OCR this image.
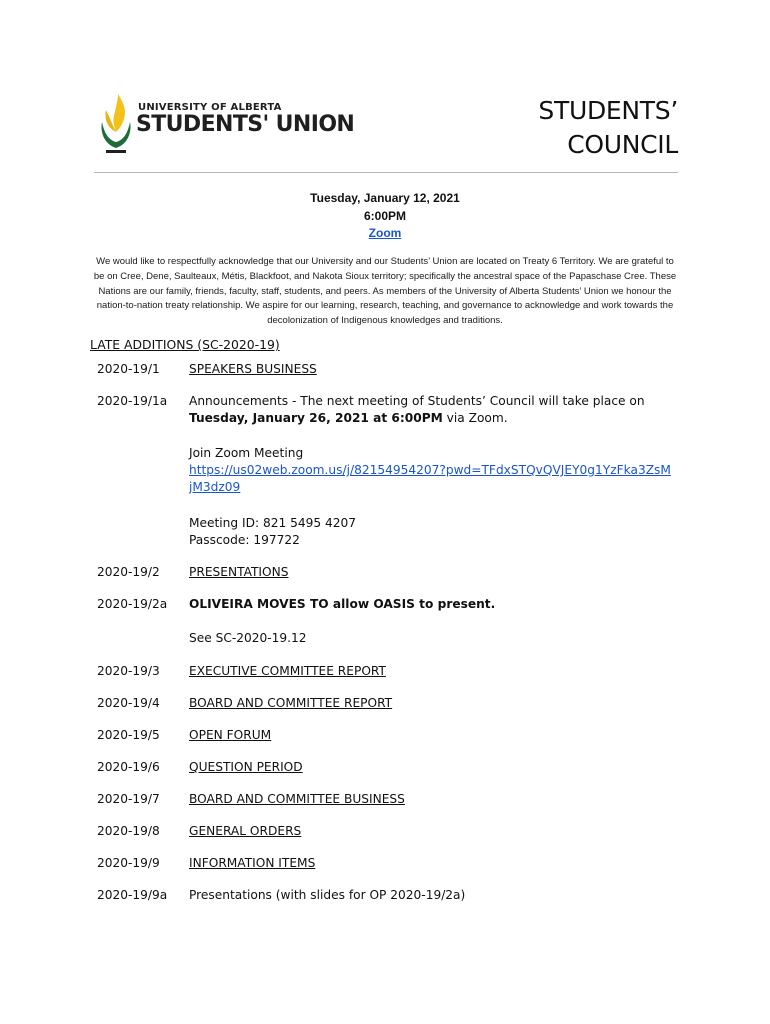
UNIVERSITY OF ALBERTA
STUDENTS' UNION	STUDENTS’
COUNCIL
Tuesday, January 12, 2021
6:00PM
Zoom
We would like to respectfully acknowledge that our University and our Students’ Union are located on Treaty 6 Territory. We are grateful to be on Cree, Dene, Saulteaux, Métis, Blackfoot, and Nakota Sioux territory; specifically the ancestral space of the Papaschase Cree. These Nations are our family, friends, faculty, staff, students, and peers. As members of the University of Alberta Students’ Union we honour the nation-to-nation treaty relationship. We aspire for our learning, research, teaching, and governance to acknowledge and work towards the decolonization of Indigenous knowledges and traditions.
LATE ADDITIONS (SC-2020-19)
2020-19/1 SPEAKERS BUSINESS
2020-19/1a Announcements - The next meeting of Students’ Council will take place on Tuesday, January 26, 2021 at 6:00PM via Zoom.
Join Zoom Meeting
https://us02web.zoom.us/j/82154954207?pwd=TFdxSTQvQVJEY0g1YzFka3ZsMjM3dz09
Meeting ID: 821 5495 4207
Passcode: 197722
2020-19/2 PRESENTATIONS
2020-19/2a OLIVEIRA MOVES TO allow OASIS to present.
See SC-2020-19.12
2020-19/3 EXECUTIVE COMMITTEE REPORT
2020-19/4 BOARD AND COMMITTEE REPORT
2020-19/5 OPEN FORUM
2020-19/6 QUESTION PERIOD
2020-19/7 BOARD AND COMMITTEE BUSINESS
2020-19/8 GENERAL ORDERS
2020-19/9 INFORMATION ITEMS
2020-19/9a Presentations (with slides for OP 2020-19/2a)
